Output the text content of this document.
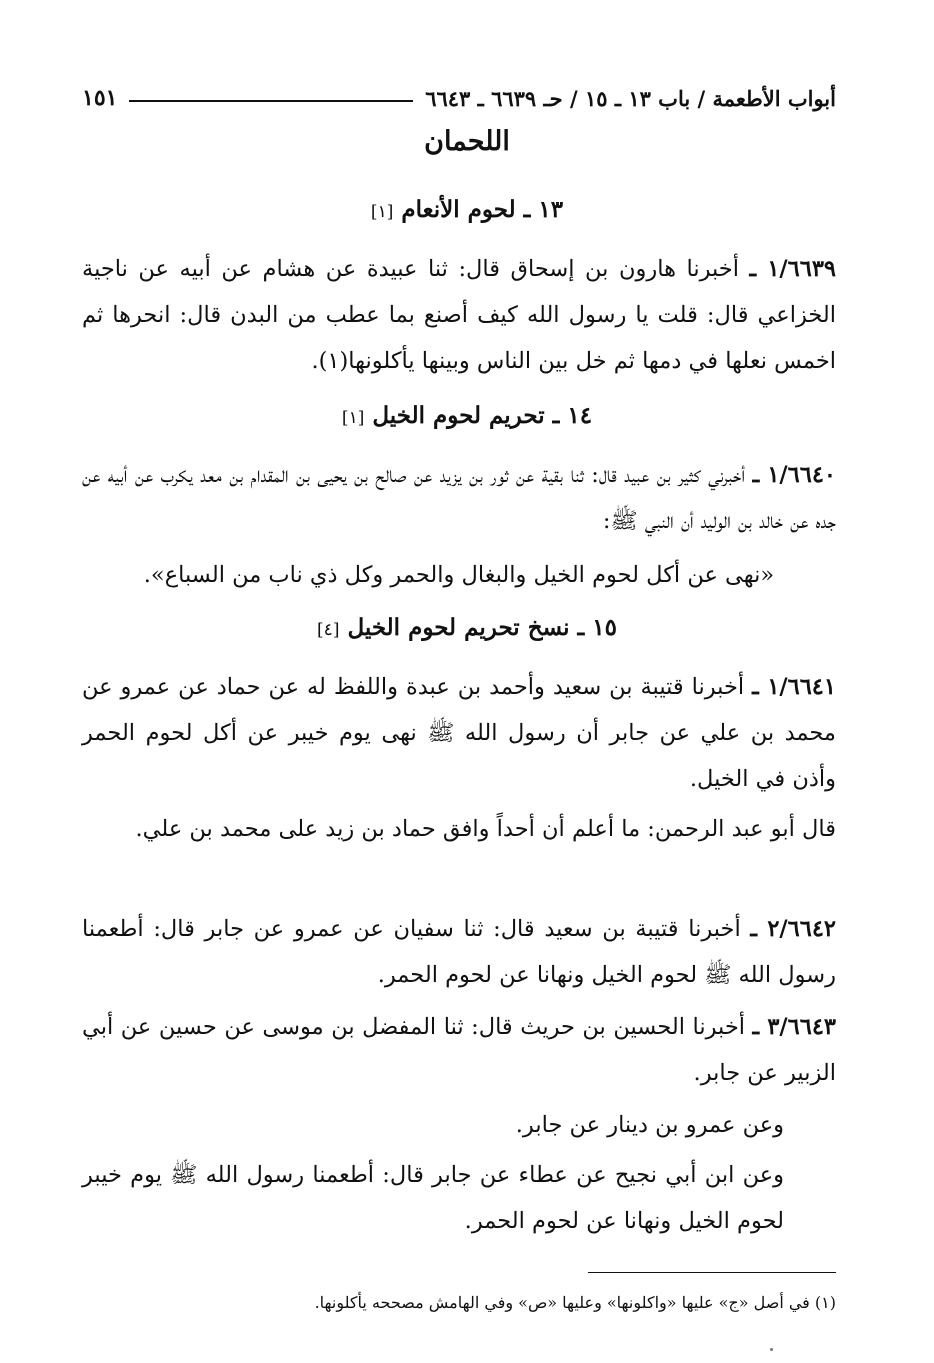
أبواب الأطعمة / باب ١٣ ـ ١٥ / حـ ٦٦٣٩ ـ ٦٦٤٣
١٥١
اللحمان
١٣ ـ لحوم الأنعام [١]
١/٦٦٣٩ ـ أخبرنا هارون بن إسحاق قال: ثنا عبيدة عن هشام عن أبيه عن ناجية الخزاعي قال: قلت يا رسول الله كيف أصنع بما عطب من البدن قال: انحرها ثم اخمس نعلها في دمها ثم خل بين الناس وبينها يأكلونها(١).
١٤ ـ تحريم لحوم الخيل [١]
١/٦٦٤٠ ـ أخبرني كثير بن عبيد قال: ثنا بقية عن ثور بن يزيد عن صالح بن يحيى بن المقدام بن معد يكرب عن أبيه عن جده عن خالد بن الوليد أن النبي ﷺ:
«نهى عن أكل لحوم الخيل والبغال والحمر وكل ذي ناب من السباع».
١٥ ـ نسخ تحريم لحوم الخيل [٤]
١/٦٦٤١ ـ أخبرنا قتيبة بن سعيد وأحمد بن عبدة واللفظ له عن حماد عن عمرو عن محمد بن علي عن جابر أن رسول الله ﷺ نهى يوم خيبر عن أكل لحوم الحمر وأذن في الخيل.
قال أبو عبد الرحمن: ما أعلم أن أحداً وافق حماد بن زيد على محمد بن علي.
٢/٦٦٤٢ ـ أخبرنا قتيبة بن سعيد قال: ثنا سفيان عن عمرو عن جابر قال: أطعمنا رسول الله ﷺ لحوم الخيل ونهانا عن لحوم الحمر.
٣/٦٦٤٣ ـ أخبرنا الحسين بن حريث قال: ثنا المفضل بن موسى عن حسين عن أبي الزبير عن جابر.
وعن عمرو بن دينار عن جابر.
وعن ابن أبي نجيح عن عطاء عن جابر قال: أطعمنا رسول الله ﷺ يوم خيبر لحوم الخيل ونهانا عن لحوم الحمر.
(١) في أصل «ج» عليها «واكلونها» وعليها «ص» وفي الهامش مصححه يأكلونها.
